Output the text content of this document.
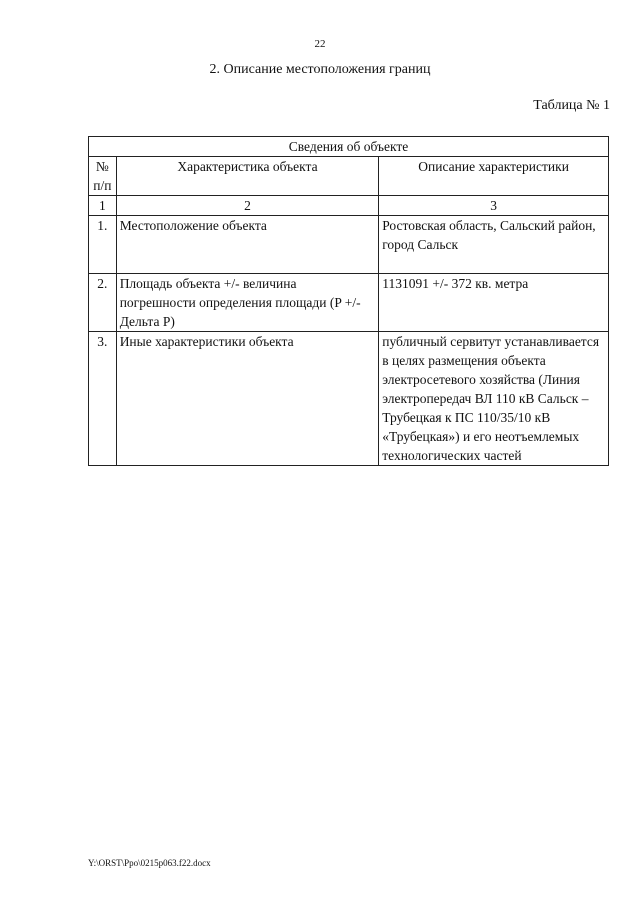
22
2. Описание местоположения границ
Таблица № 1
Сведения об объекте		
№ п/п	Характеристика объекта	Описание характеристики
1	2	3
1.	Местоположение объекта	Ростовская область, Сальский район, город Сальск
2.	Площадь объекта +/- величина погрешности определения площади (P +/- Дельта P)	1131091 +/- 372 кв. метра
3.	Иные характеристики объекта	публичный сервитут устанавливается в целях размещения объекта электросетевого хозяйства (Линия электропередач ВЛ 110 кВ Сальск – Трубецкая к ПС 110/35/10 кВ «Трубецкая») и его неотъемлемых технологических частей
Y:\ORST\Ppo\0215p063.f22.docx
